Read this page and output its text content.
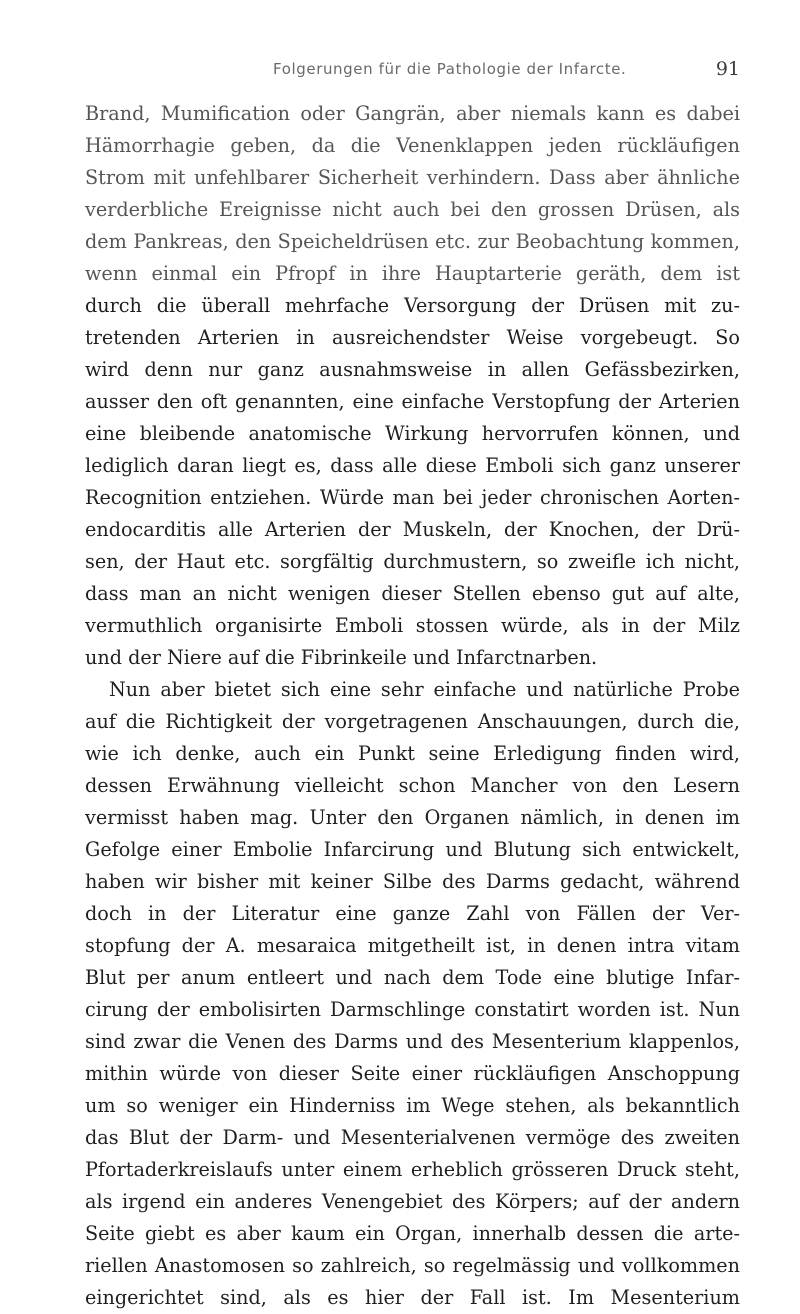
Folgerungen für die Pathologie der Infarcte.	91

Brand, Mumification oder Gangrän, aber niemals kann es dabei
Hämorrhagie geben, da die Venenklappen jeden rückläufigen
Strom mit unfehlbarer Sicherheit verhindern. Dass aber ähnliche
verderbliche Ereignisse nicht auch bei den grossen Drüsen, als
dem Pankreas, den Speicheldrüsen etc. zur Beobachtung kommen,
wenn einmal ein Pfropf in ihre Hauptarterie geräth, dem ist
durch die überall mehrfache Versorgung der Drüsen mit zu-
tretenden Arterien in ausreichendster Weise vorgebeugt. So
wird denn nur ganz ausnahmsweise in allen Gefässbezirken,
ausser den oft genannten, eine einfache Verstopfung der Arterien
eine bleibende anatomische Wirkung hervorrufen können, und
lediglich daran liegt es, dass alle diese Emboli sich ganz unserer
Recognition entziehen. Würde man bei jeder chronischen Aorten-
endocarditis alle Arterien der Muskeln, der Knochen, der Drü-
sen, der Haut etc. sorgfältig durchmustern, so zweifle ich nicht,
dass man an nicht wenigen dieser Stellen ebenso gut auf alte,
vermuthlich organisirte Emboli stossen würde, als in der Milz
und der Niere auf die Fibrinkeile und Infarctnarben.

Nun aber bietet sich eine sehr einfache und natürliche Probe
auf die Richtigkeit der vorgetragenen Anschauungen, durch die,
wie ich denke, auch ein Punkt seine Erledigung finden wird,
dessen Erwähnung vielleicht schon Mancher von den Lesern
vermisst haben mag. Unter den Organen nämlich, in denen im
Gefolge einer Embolie Infarcirung und Blutung sich entwickelt,
haben wir bisher mit keiner Silbe des Darms gedacht, während
doch in der Literatur eine ganze Zahl von Fällen der Ver-
stopfung der A. mesaraica mitgetheilt ist, in denen intra vitam
Blut per anum entleert und nach dem Tode eine blutige Infar-
cirung der embolisirten Darmschlinge constatirt worden ist. Nun
sind zwar die Venen des Darms und des Mesenterium klappenlos,
mithin würde von dieser Seite einer rückläufigen Anschoppung
um so weniger ein Hinderniss im Wege stehen, als bekanntlich
das Blut der Darm- und Mesenterialvenen vermöge des zweiten
Pfortaderkreislaufs unter einem erheblich grösseren Druck steht,
als irgend ein anderes Venengebiet des Körpers; auf der andern
Seite giebt es aber kaum ein Organ, innerhalb dessen die arte-
riellen Anastomosen so zahlreich, so regelmässig und vollkommen
eingerichtet sind, als es hier der Fall ist. Im Mesenterium
